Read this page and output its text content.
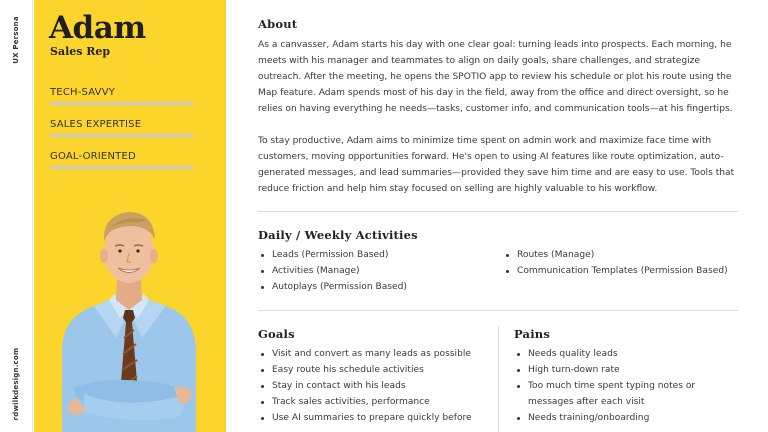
UX Persona
rdwilkdesign.com
Adam
Sales Rep
TECH-SAVVY
SALES EXPERTISE
GOAL-ORIENTED
About

As a canvasser, Adam starts his day with one clear goal: turning leads into prospects. Each morning, he meets with his manager and teammates to align on daily goals, share challenges, and strategize outreach. After the meeting, he opens the SPOTIO app to review his schedule or plot his route using the Map feature. Adam spends most of his day in the field, away from the office and direct oversight, so he relies on having everything he needs—tasks, customer info, and communication tools—at his fingertips.

To stay productive, Adam aims to minimize time spent on admin work and maximize face time with customers, moving opportunities forward. He's open to using AI features like route optimization, auto-generated messages, and lead summaries—provided they save him time and are easy to use. Tools that reduce friction and help him stay focused on selling are highly valuable to his workflow.

Daily / Weekly Activities
Leads (Permission Based)
Activities (Manage)
Autoplays (Permission Based)
Routes (Manage)
Communication Templates (Permission Based)
Goals	Pains
Visit and convert as many leads as possible
Easy route his schedule activities
Stay in contact with his leads
Track sales activities, performance
Use AI summaries to prepare quickly before
Needs quality leads
High turn-down rate
Too much time spent typing notes or messages after each visit
Needs training/onboarding
